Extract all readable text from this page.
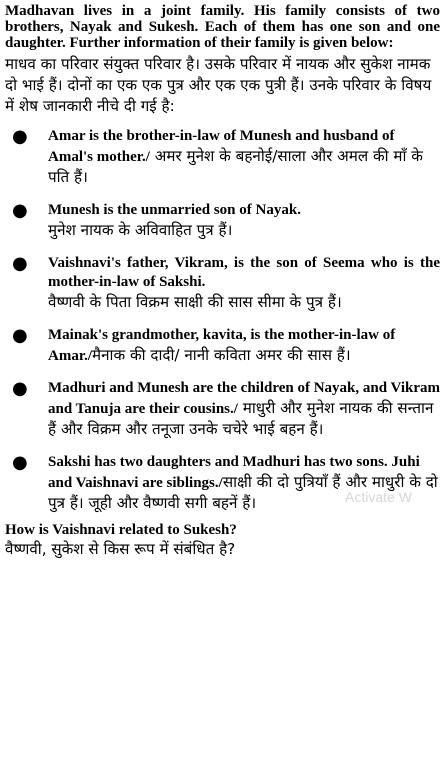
Madhavan lives in a joint family. His family consists of two brothers, Nayak and Sukesh. Each of them has one son and one daughter. Further information of their family is given below:

माधव का परिवार संयुक्त परिवार है। उसके परिवार में नायक और सुकेश नामक दो भाई हैं। दोनों का एक एक पुत्र और एक एक पुत्री हैं। उनके परिवार के विषय में शेष जानकारी नीचे दी गई है:

● Amar is the brother-in-law of Munesh and husband of Amal's mother./ अमर मुनेश के बहनोई/साला और अमल की माँ के पति हैं।
● Munesh is the unmarried son of Nayak.
मुनेश नायक के अविवाहित पुत्र हैं।
● Vaishnavi's father, Vikram, is the son of Seema who is the mother-in-law of Sakshi.
वैष्णवी के पिता विक्रम साक्षी की सास सीमा के पुत्र हैं।
● Mainak's grandmother, kavita, is the mother-in-law of Amar./मैनाक की दादी/ नानी कविता अमर की सास हैं।
● Madhuri and Munesh are the children of Nayak, and Vikram and Tanuja are their cousins./ माधुरी और मुनेश नायक की सन्तान हैं और विक्रम और तनूजा उनके चचेरे भाई बहन हैं।
● Sakshi has two daughters and Madhuri has two sons. Juhi and Vaishnavi are siblings./साक्षी की दो पुत्रियाँ हैं और माधुरी के दो पुत्र हैं। जूही और वैष्णवी सगी बहनें हैं।

How is Vaishnavi related to Sukesh?

वैष्णवी, सुकेश से किस रूप में संबंधित है?

Activate W
